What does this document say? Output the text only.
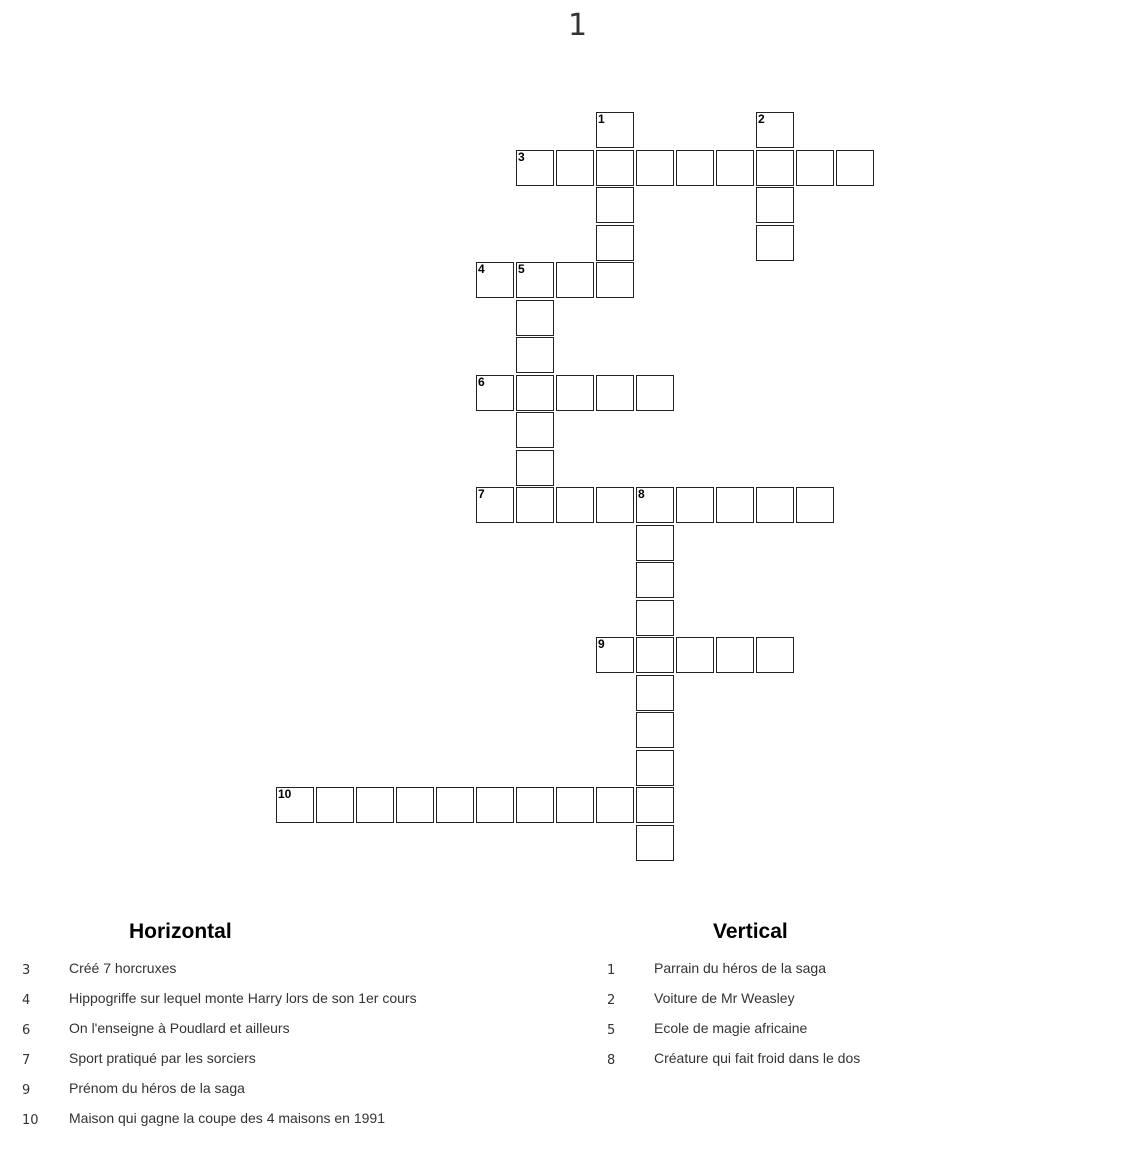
1
1	2
3
4	5
6
7	8
9
10
Horizontal
3	Créé 7 horcruxes
4	Hippogriffe sur lequel monte Harry lors de son 1er cours
6	On l'enseigne à Poudlard et ailleurs
7	Sport pratiqué par les sorciers
9	Prénom du héros de la saga
10 Maison qui gagne la coupe des 4 maisons en 1991
Vertical
1	Parrain du héros de la saga
2	Voiture de Mr Weasley
5	Ecole de magie africaine
8	Créature qui fait froid dans le dos
